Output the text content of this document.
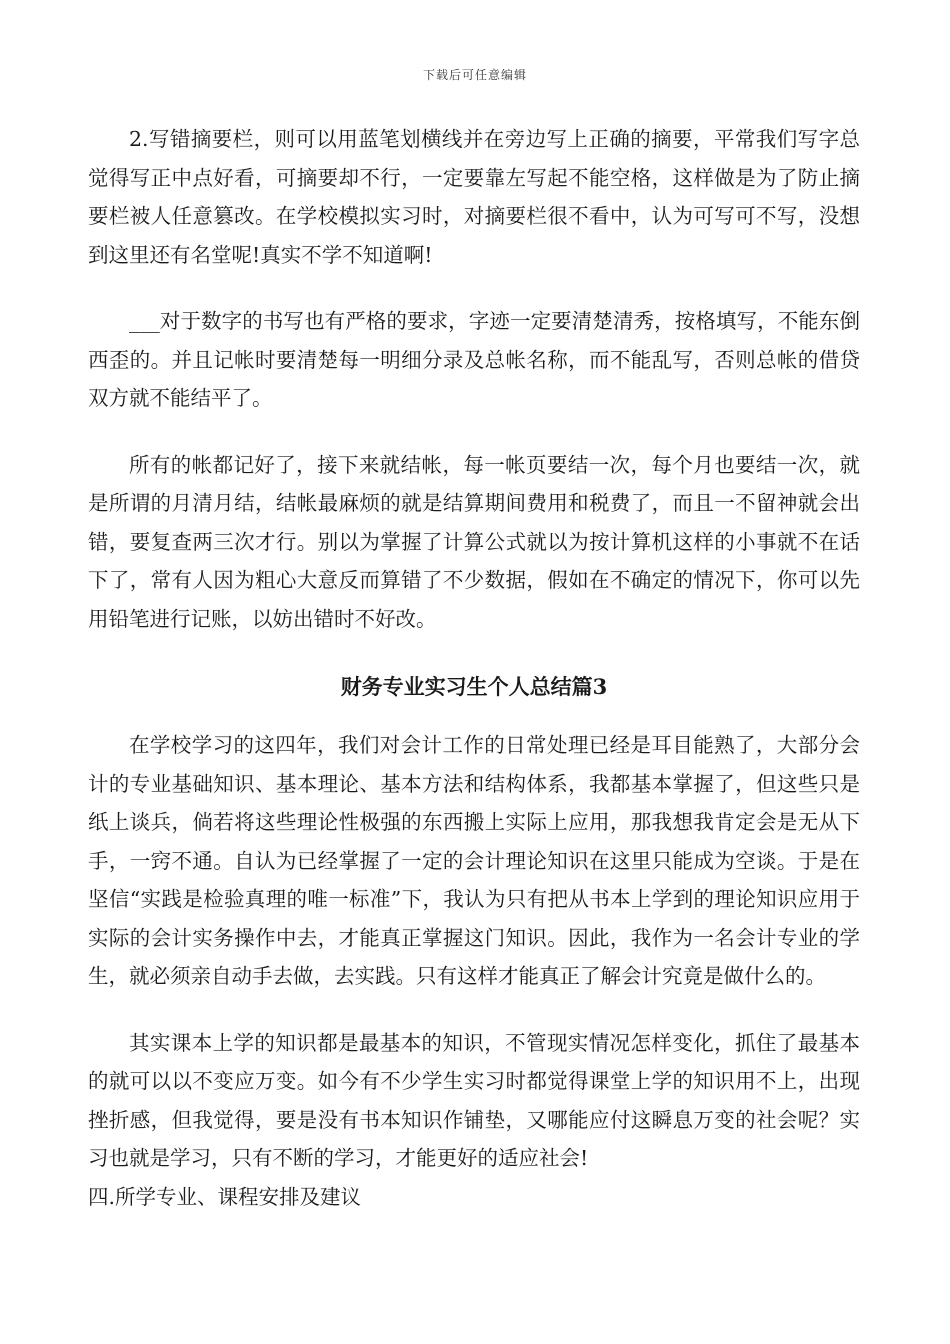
下载后可任意编辑

2.写错摘要栏，则可以用蓝笔划横线并在旁边写上正确的摘要，平常我们写字总觉得写正中点好看，可摘要却不行，一定要靠左写起不能空格，这样做是为了防止摘要栏被人任意篡改。在学校模拟实习时，对摘要栏很不看中，认为可写可不写，没想到这里还有名堂呢!真实不学不知道啊!

___对于数字的书写也有严格的要求，字迹一定要清楚清秀，按格填写，不能东倒西歪的。并且记帐时要清楚每一明细分录及总帐名称，而不能乱写，否则总帐的借贷双方就不能结平了。

所有的帐都记好了，接下来就结帐，每一帐页要结一次，每个月也要结一次，就是所谓的月清月结，结帐最麻烦的就是结算期间费用和税费了，而且一不留神就会出错，要复查两三次才行。别以为掌握了计算公式就以为按计算机这样的小事就不在话下了，常有人因为粗心大意反而算错了不少数据，假如在不确定的情况下，你可以先用铅笔进行记账，以妨出错时不好改。

财务专业实习生个人总结篇3

在学校学习的这四年，我们对会计工作的日常处理已经是耳目能熟了，大部分会计的专业基础知识、基本理论、基本方法和结构体系，我都基本掌握了，但这些只是纸上谈兵，倘若将这些理论性极强的东西搬上实际上应用，那我想我肯定会是无从下手，一窍不通。自认为已经掌握了一定的会计理论知识在这里只能成为空谈。于是在坚信“实践是检验真理的唯一标准”下，我认为只有把从书本上学到的理论知识应用于实际的会计实务操作中去，才能真正掌握这门知识。因此，我作为一名会计专业的学生，就必须亲自动手去做，去实践。只有这样才能真正了解会计究竟是做什么的。

其实课本上学的知识都是最基本的知识，不管现实情况怎样变化，抓住了最基本的就可以以不变应万变。如今有不少学生实习时都觉得课堂上学的知识用不上，出现挫折感，但我觉得，要是没有书本知识作铺垫，又哪能应付这瞬息万变的社会呢？实习也就是学习，只有不断的学习，才能更好的适应社会!

四.所学专业、课程安排及建议
